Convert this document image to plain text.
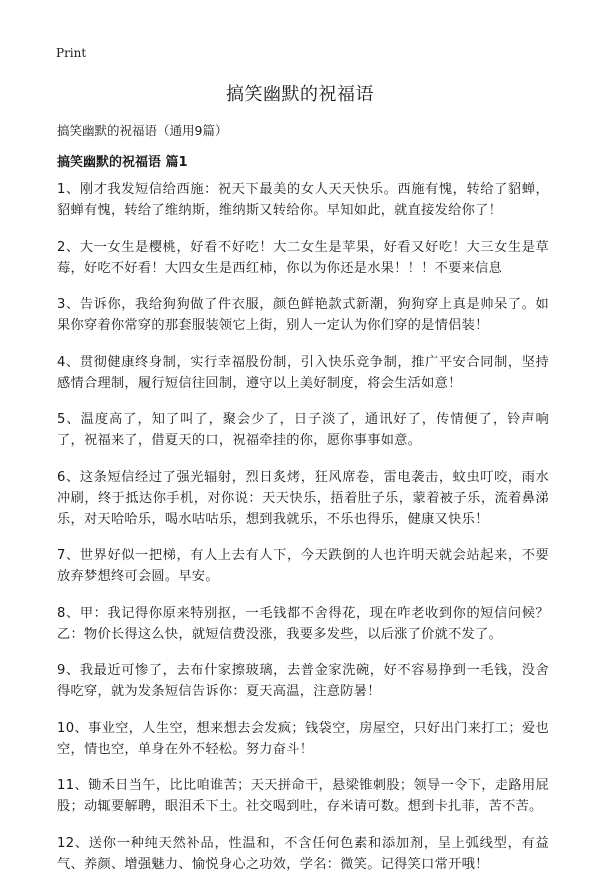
Print
搞笑幽默的祝福语

搞笑幽默的祝福语（通用9篇）

搞笑幽默的祝福语 篇1
1、刚才我发短信给西施：祝天下最美的女人天天快乐。西施有愧，转给了貂蝉，貂蝉有愧，转给了维纳斯，维纳斯又转给你。早知如此，就直接发给你了！
2、大一女生是樱桃，好看不好吃！大二女生是苹果，好看又好吃！大三女生是草莓，好吃不好看！大四女生是西红柿，你以为你还是水果！！！不要来信息
3、告诉你，我给狗狗做了件衣服，颜色鲜艳款式新潮，狗狗穿上真是帅呆了。如果你穿着你常穿的那套服装领它上街，别人一定认为你们穿的是情侣装！
4、贯彻健康终身制，实行幸福股份制，引入快乐竞争制，推广平安合同制，坚持感情合理制，履行短信往回制，遵守以上美好制度，将会生活如意！
5、温度高了，知了叫了，聚会少了，日子淡了，通讯好了，传情便了，铃声响了，祝福来了，借夏天的口，祝福牵挂的你，愿你事事如意。
6、这条短信经过了强光辐射，烈日炙烤，狂风席卷，雷电袭击，蚊虫叮咬，雨水冲刷，终于抵达你手机，对你说：天天快乐，捂着肚子乐，蒙着被子乐，流着鼻涕乐，对天哈哈乐，喝水咕咕乐，想到我就乐，不乐也得乐，健康又快乐！
7、世界好似一把梯，有人上去有人下，今天跌倒的人也许明天就会站起来，不要放弃梦想终可会圆。早安。
8、甲：我记得你原来特别抠，一毛钱都不舍得花，现在咋老收到你的短信问候？乙：物价长得这么快，就短信费没涨，我要多发些，以后涨了价就不发了。
9、我最近可惨了，去布什家擦玻璃，去普金家洗碗，好不容易挣到一毛钱，没舍得吃穿，就为发条短信告诉你：夏天高温，注意防暑！
10、事业空，人生空，想来想去会发疯；钱袋空，房屋空，只好出门来打工；爱也空，情也空，单身在外不轻松。努力奋斗！
11、锄禾日当午，比比咱谁苦；天天拼命干，悬梁锥刺股；领导一令下，走路用屁股；动辄要解聘，眼泪禾下土。社交喝到吐，存米请可数。想到卡扎菲，苦不苦。
12、送你一种纯天然补品，性温和，不含任何色素和添加剂，呈上弧线型，有益气、养颜、增强魅力、愉悦身心之功效，学名：微笑。记得笑口常开哦！
